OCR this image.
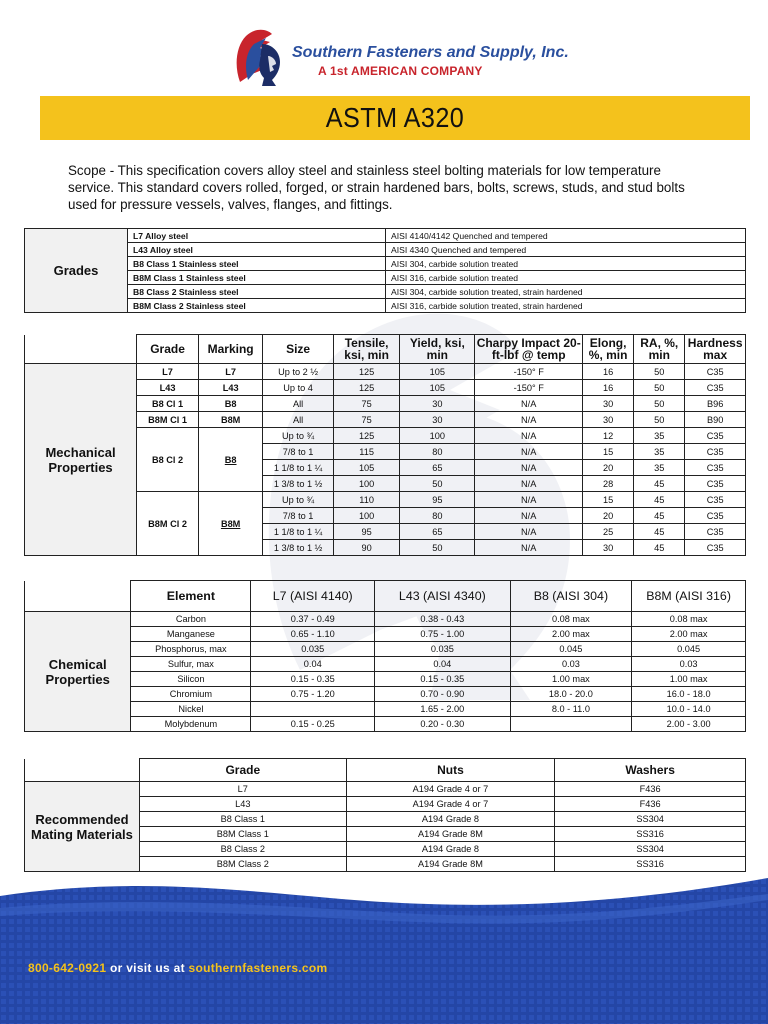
Southern Fasteners and Supply, Inc.
A 1st AMERICAN COMPANY
ASTM A320
Scope - This specification covers alloy steel and stainless steel bolting materials for low temperature service. This standard covers rolled, forged, or strain hardened bars, bolts, screws, studs, and stud bolts used for pressure vessels, valves, flanges, and fittings.
Grades	L7 Alloy steel	AISI 4140/4142 Quenched and tempered
	L43 Alloy steel	AISI 4340 Quenched and tempered
	B8 Class 1 Stainless steel	AISI 304, carbide solution treated
	B8M Class 1 Stainless steel	AISI 316, carbide solution treated
	B8 Class 2 Stainless steel	AISI 304, carbide solution treated, strain hardened
	B8M Class 2 Stainless steel	AISI 316, carbide solution treated, strain hardened
	Grade	Marking	Size	Tensile, ksi, min	Yield, ksi, min	Charpy Impact 20-ft-lbf @ temp	Elong, %, min	RA, %, min	Hardness max
Mechanical Properties	L7	L7	Up to 2 ½	125	105	-150° F	16	50	C35
	L43	L43	Up to 4	125	105	-150° F	16	50	C35
	B8 Cl 1	B8	All	75	30	N/A	30	50	B96
	B8M Cl 1	B8M	All	75	30	N/A	30	50	B90
	B8 Cl 2	B8	Up to ¾	125	100	N/A	12	35	C35
			7/8 to 1	115	80	N/A	15	35	C35
			1 1/8 to 1 ¼	105	65	N/A	20	35	C35
			1 3/8 to 1 ½	100	50	N/A	28	45	C35
	B8M Cl 2	B8M	Up to ¾	110	95	N/A	15	45	C35
			7/8 to 1	100	80	N/A	20	45	C35
			1 1/8 to 1 ¼	95	65	N/A	25	45	C35
			1 3/8 to 1 ½	90	50	N/A	30	45	C35
	Element	L7 (AISI 4140)	L43 (AISI 4340)	B8 (AISI 304)	B8M (AISI 316)
Chemical Properties	Carbon	0.37 - 0.49	0.38 - 0.43	0.08 max	0.08 max
	Manganese	0.65 - 1.10	0.75 - 1.00	2.00 max	2.00 max
	Phosphorus, max	0.035	0.035	0.045	0.045
	Sulfur, max	0.04	0.04	0.03	0.03
	Silicon	0.15 - 0.35	0.15 - 0.35	1.00 max	1.00 max
	Chromium	0.75 - 1.20	0.70 - 0.90	18.0 - 20.0	16.0 - 18.0
	Nickel		1.65 - 2.00	8.0 - 11.0	10.0 - 14.0
	Molybdenum	0.15 - 0.25	0.20 - 0.30		2.00 - 3.00
	Grade	Nuts	Washers
Recommended Mating Materials	L7	A194 Grade 4 or 7	F436
	L43	A194 Grade 4 or 7	F436
	B8 Class 1	A194 Grade 8	SS304
	B8M Class 1	A194 Grade 8M	SS316
	B8 Class 2	A194 Grade 8	SS304
	B8M Class 2	A194 Grade 8M	SS316
800-642-0921 or visit us at southernfasteners.com
